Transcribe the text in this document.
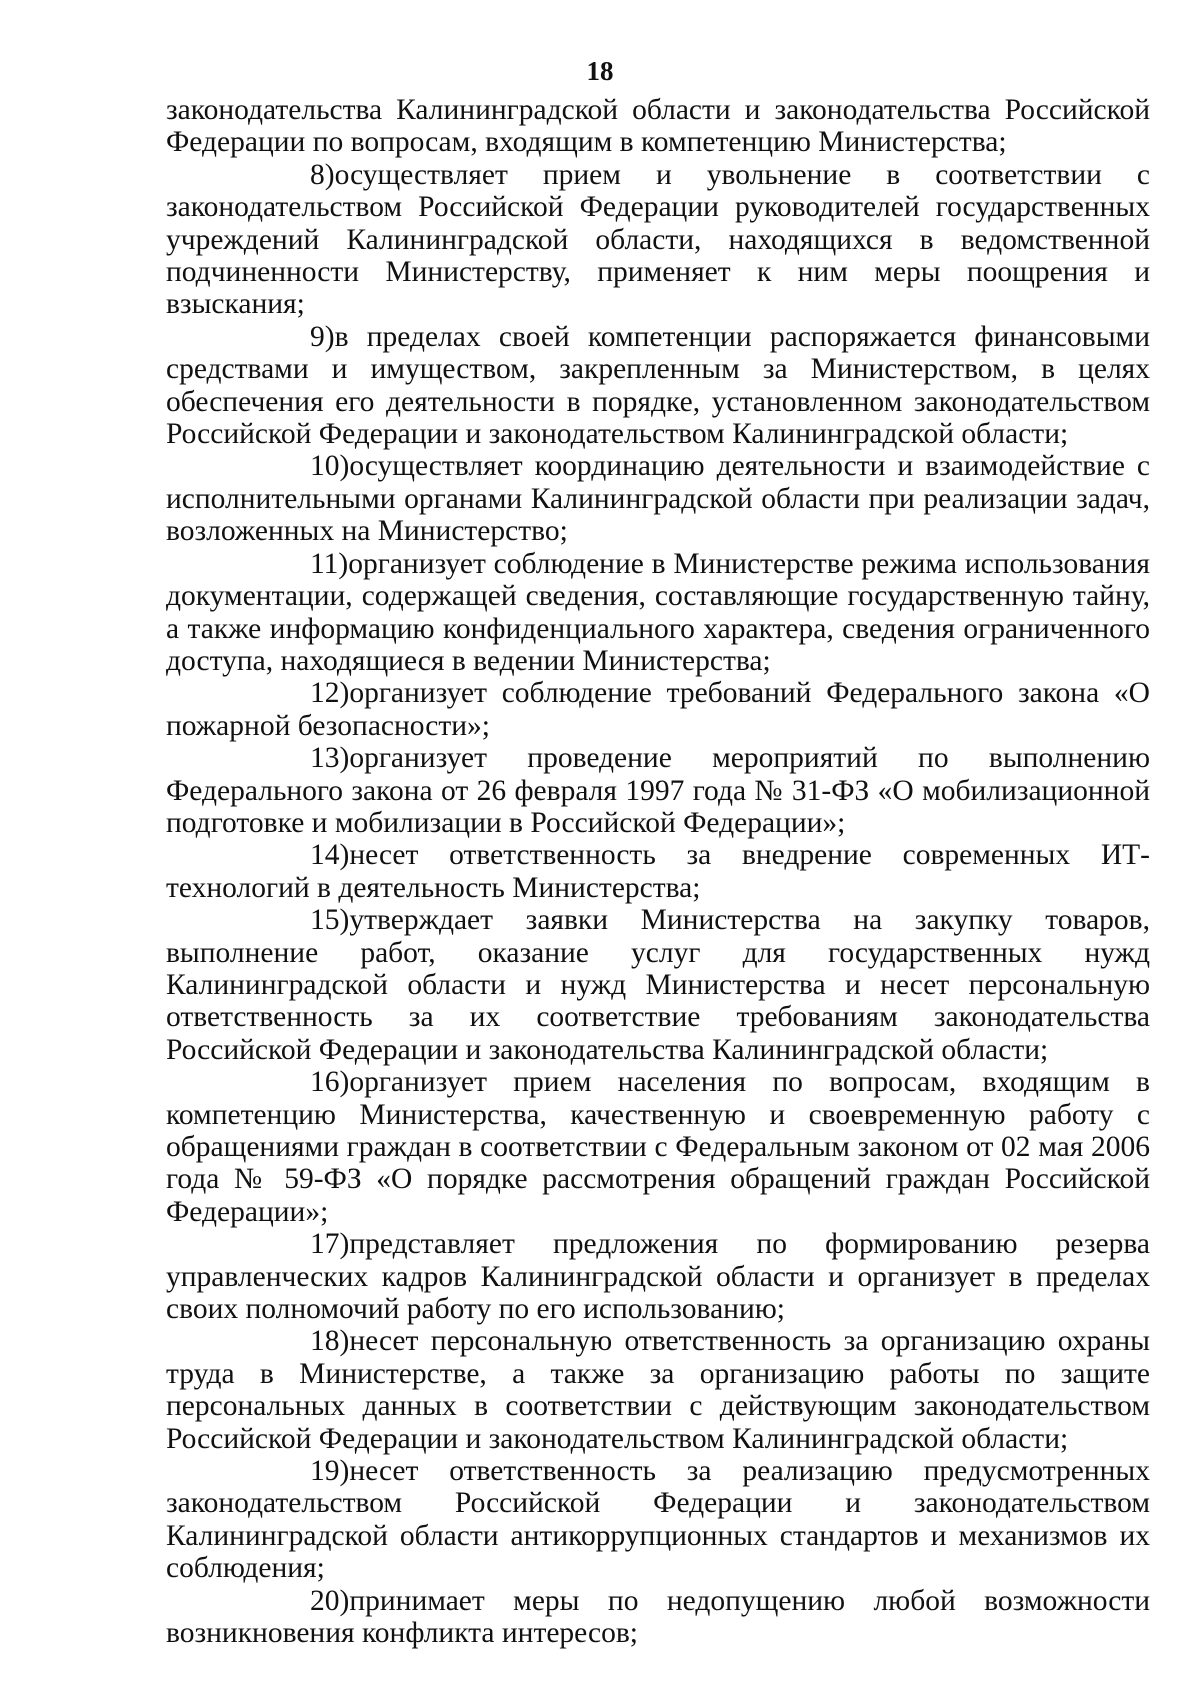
18

законодательства Калининградской области и законодательства Российской Федерации по вопросам, входящим в компетенцию Министерства;

8)осуществляет прием и увольнение в соответствии с законодательством Российской Федерации руководителей государственных учреждений Калининградской области, находящихся в ведомственной подчиненности Министерству, применяет к ним меры поощрения и взыскания;

9)в пределах своей компетенции распоряжается финансовыми средствами и имуществом, закрепленным за Министерством, в целях обеспечения его деятельности в порядке, установленном законодательством Российской Федерации и законодательством Калининградской области;

10)осуществляет координацию деятельности и взаимодействие с исполнительными органами Калининградской области при реализации задач, возложенных на Министерство;

11)организует соблюдение в Министерстве режима использования документации, содержащей сведения, составляющие государственную тайну, а также информацию конфиденциального характера, сведения ограниченного доступа, находящиеся в ведении Министерства;

12)организует соблюдение требований Федерального закона «О пожарной безопасности»;

13)организует проведение мероприятий по выполнению Федерального закона от 26 февраля 1997 года № 31-ФЗ «О мобилизационной подготовке и мобилизации в Российской Федерации»;

14)несет ответственность за внедрение современных ИТ-технологий в деятельность Министерства;

15)утверждает заявки Министерства на закупку товаров, выполнение работ, оказание услуг для государственных нужд Калининградской области и нужд Министерства и несет персональную ответственность за их соответствие требованиям законодательства Российской Федерации и законодательства Калининградской области;

16)организует прием населения по вопросам, входящим в компетенцию Министерства, качественную и своевременную работу с обращениями граждан в соответствии с Федеральным законом от 02 мая 2006 года № 59-ФЗ «О порядке рассмотрения обращений граждан Российской Федерации»;

17)представляет предложения по формированию резерва управленческих кадров Калининградской области и организует в пределах своих полномочий работу по его использованию;

18)несет персональную ответственность за организацию охраны труда в Министерстве, а также за организацию работы по защите персональных данных в соответствии с действующим законодательством Российской Федерации и законодательством Калининградской области;

19)несет ответственность за реализацию предусмотренных законодательством Российской Федерации и законодательством Калининградской области антикоррупционных стандартов и механизмов их соблюдения;

20)принимает меры по недопущению любой возможности возникновения конфликта интересов;
